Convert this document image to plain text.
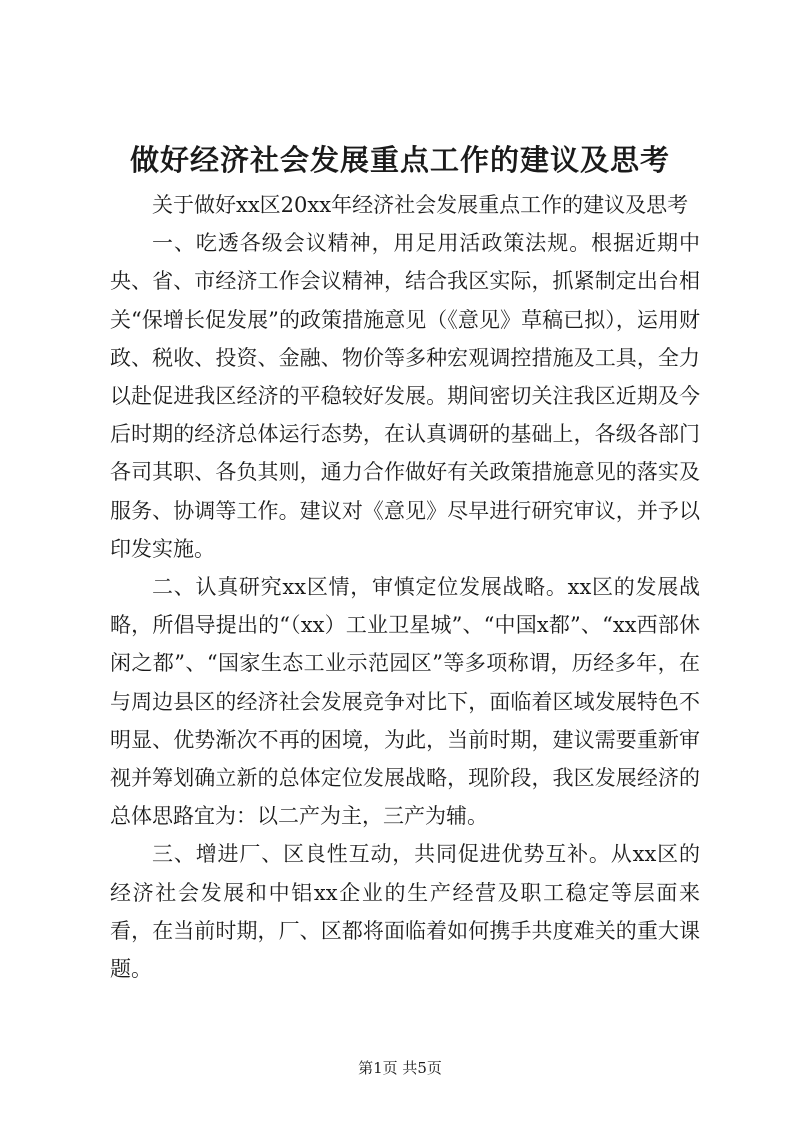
做好经济社会发展重点工作的建议及思考

关于做好xx区20xx年经济社会发展重点工作的建议及思考

一、吃透各级会议精神，用足用活政策法规。根据近期中央、省、市经济工作会议精神，结合我区实际，抓紧制定出台相关“保增长促发展”的政策措施意见（《意见》草稿已拟），运用财政、税收、投资、金融、物价等多种宏观调控措施及工具，全力以赴促进我区经济的平稳较好发展。期间密切关注我区近期及今后时期的经济总体运行态势，在认真调研的基础上，各级各部门各司其职、各负其则，通力合作做好有关政策措施意见的落实及服务、协调等工作。建议对《意见》尽早进行研究审议，并予以印发实施。

二、认真研究xx区情，审慎定位发展战略。xx区的发展战略，所倡导提出的“（xx）工业卫星城”、“中国x都”、“xx西部休闲之都”、“国家生态工业示范园区”等多项称谓，历经多年，在与周边县区的经济社会发展竞争对比下，面临着区域发展特色不明显、优势渐次不再的困境，为此，当前时期，建议需要重新审视并筹划确立新的总体定位发展战略，现阶段，我区发展经济的总体思路宜为：以二产为主，三产为辅。

三、增进厂、区良性互动，共同促进优势互补。从xx区的经济社会发展和中铝xx企业的生产经营及职工稳定等层面来看，在当前时期，厂、区都将面临着如何携手共度难关的重大课题。

第1页 共5页
